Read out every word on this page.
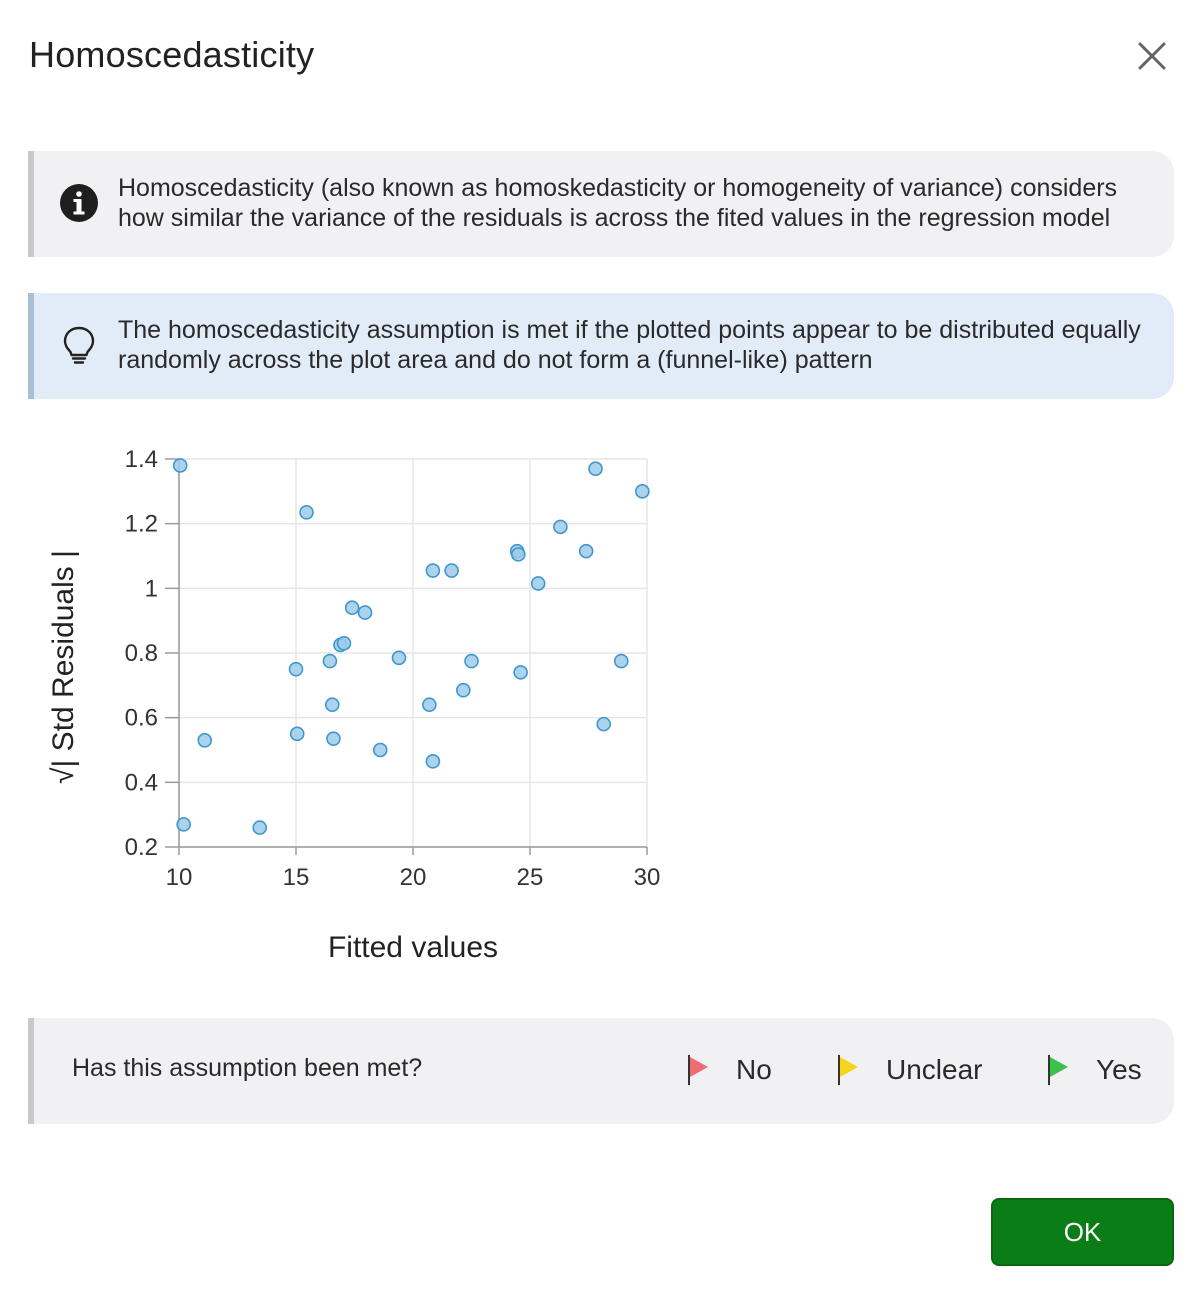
Homoscedasticity
Homoscedasticity (also known as homoskedasticity or homogeneity of variance) considers how similar the variance of the residuals is across the fited values in the regression model
The homoscedasticity assumption is met if the plotted points appear to be distributed equally randomly across the plot area and do not form a (funnel-like) pattern
10	15	20	25	30
0.2
0.4
0.6
0.8
1
1.2
1.4
Fitted values
√| Std Residuals |
Has this assumption been met?	No	Unclear	Yes
OK
